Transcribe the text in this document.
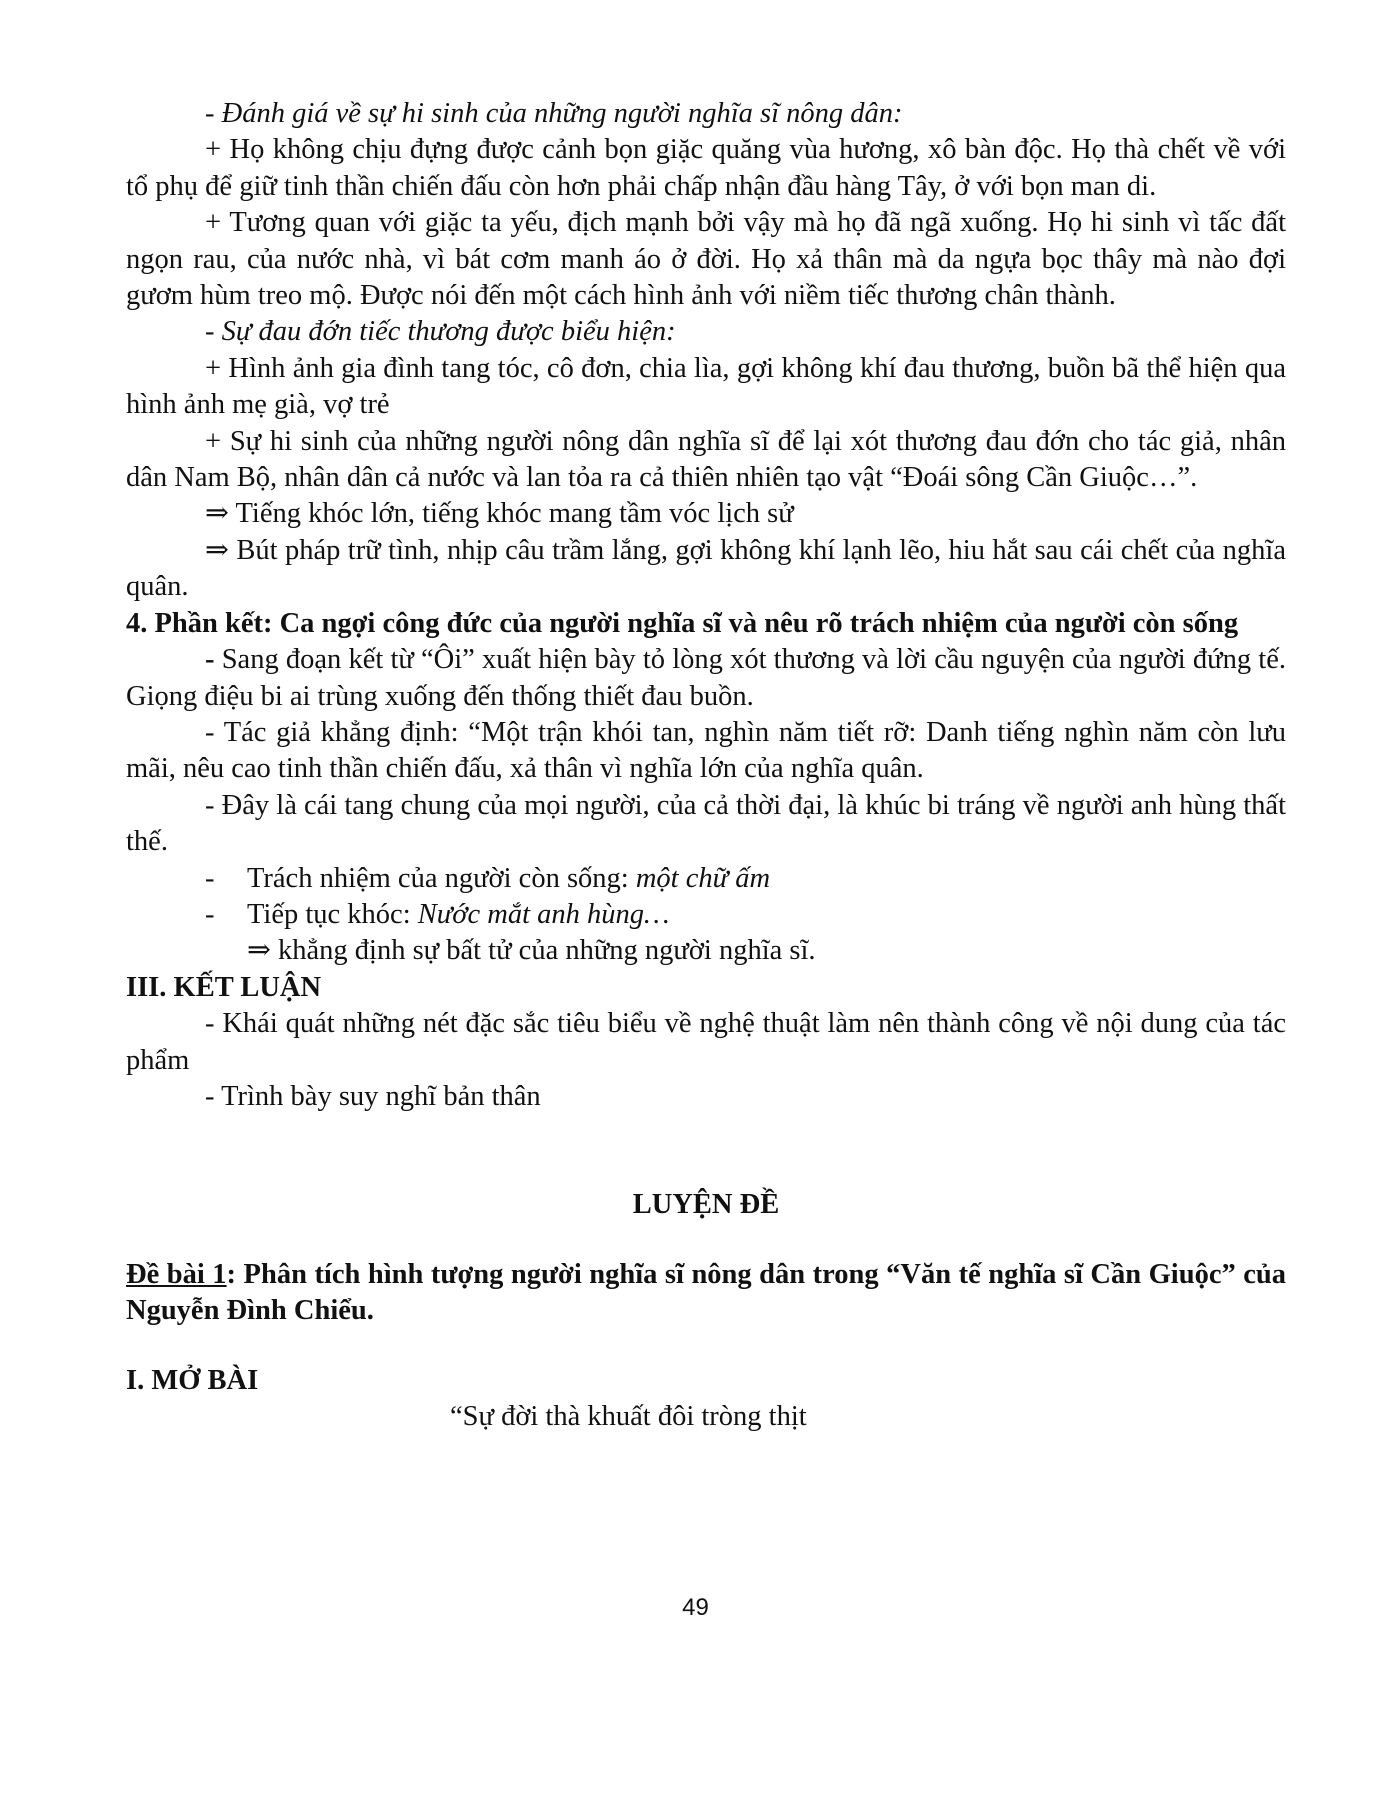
- Đánh giá về sự hi sinh của những người nghĩa sĩ nông dân:

+ Họ không chịu đựng được cảnh bọn giặc quăng vùa hương, xô bàn độc. Họ thà chết về với tổ phụ để giữ tinh thần chiến đấu còn hơn phải chấp nhận đầu hàng Tây, ở với bọn man di.

+ Tương quan với giặc ta yếu, địch mạnh bởi vậy mà họ đã ngã xuống. Họ hi sinh vì tấc đất ngọn rau, của nước nhà, vì bát cơm manh áo ở đời. Họ xả thân mà da ngựa bọc thây mà nào đợi gươm hùm treo mộ. Được nói đến một cách hình ảnh với niềm tiếc thương chân thành.

- Sự đau đớn tiếc thương được biểu hiện:

+ Hình ảnh gia đình tang tóc, cô đơn, chia lìa, gợi không khí đau thương, buồn bã thể hiện qua hình ảnh mẹ già, vợ trẻ

+ Sự hi sinh của những người nông dân nghĩa sĩ để lại xót thương đau đớn cho tác giả, nhân dân Nam Bộ, nhân dân cả nước và lan tỏa ra cả thiên nhiên tạo vật “Đoái sông Cần Giuộc…”.

⇒ Tiếng khóc lớn, tiếng khóc mang tầm vóc lịch sử

⇒ Bút pháp trữ tình, nhịp câu trầm lắng, gợi không khí lạnh lẽo, hiu hắt sau cái chết của nghĩa quân.

4. Phần kết: Ca ngợi công đức của người nghĩa sĩ và nêu rõ trách nhiệm của người còn sống

- Sang đoạn kết từ “Ôi” xuất hiện bày tỏ lòng xót thương và lời cầu nguyện của người đứng tế. Giọng điệu bi ai trùng xuống đến thống thiết đau buồn.

- Tác giả khẳng định: “Một trận khói tan, nghìn năm tiết rỡ: Danh tiếng nghìn năm còn lưu mãi, nêu cao tinh thần chiến đấu, xả thân vì nghĩa lớn của nghĩa quân.

- Đây là cái tang chung của mọi người, của cả thời đại, là khúc bi tráng về người anh hùng thất thế.

-	Trách nhiệm của người còn sống: một chữ ấm
-	Tiếp tục khóc: Nước mắt anh hùng…

⇒ khẳng định sự bất tử của những người nghĩa sĩ.

III. KẾT LUẬN

- Khái quát những nét đặc sắc tiêu biểu về nghệ thuật làm nên thành công về nội dung của tác phẩm

- Trình bày suy nghĩ bản thân

LUYỆN ĐỀ

Đề bài 1: Phân tích hình tượng người nghĩa sĩ nông dân trong “Văn tế nghĩa sĩ Cần Giuộc” của Nguyễn Đình Chiểu.

I. MỞ BÀI

“Sự đời thà khuất đôi tròng thịt

49
